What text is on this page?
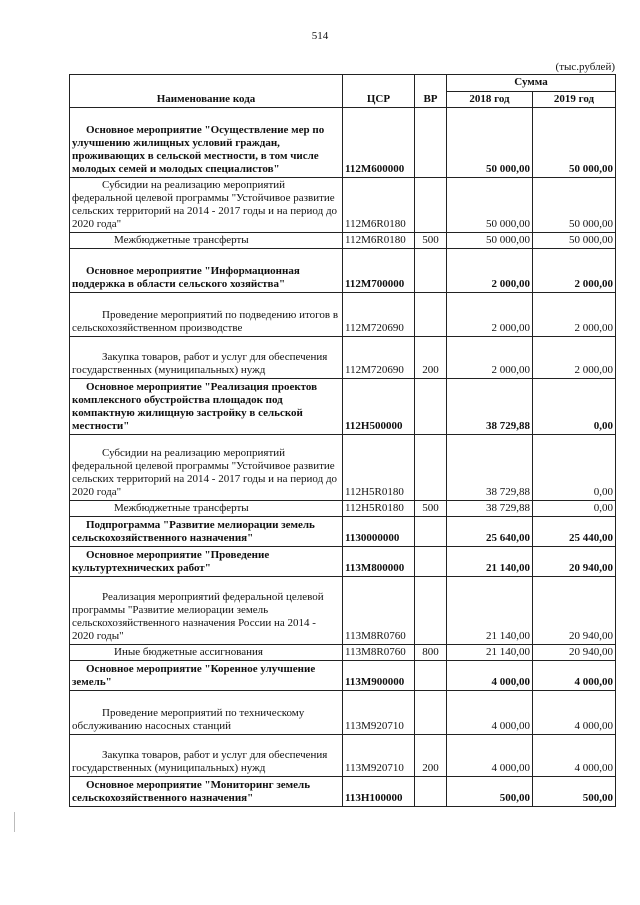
514
(тыс.рублей)
Наименование кода	ЦСР	ВР	Сумма	
			2018 год	2019 год
Основное мероприятие "Осуществление мер по улучшению жилищных условий граждан, проживающих в сельской местности, в том числе молодых семей и молодых специалистов"	112М600000		50 000,00	50 000,00
Субсидии на реализацию мероприятий федеральной целевой программы "Устойчивое развитие сельских территорий на 2014 - 2017 годы и на период до 2020 года"	112М6R0180		50 000,00	50 000,00
Межбюджетные трансферты	112М6R0180	500	50 000,00	50 000,00
Основное мероприятие "Информационная поддержка в области сельского хозяйства"	112М700000		2 000,00	2 000,00
Проведение мероприятий по подведению итогов в сельскохозяйственном производстве	112М720690		2 000,00	2 000,00
Закупка товаров, работ и услуг для обеспечения государственных (муниципальных) нужд	112М720690	200	2 000,00	2 000,00
Основное мероприятие "Реализация проектов комплексного обустройства площадок под компактную жилищную застройку в сельской местности"	112Н500000		38 729,88	0,00
Субсидии на реализацию мероприятий федеральной целевой программы "Устойчивое развитие сельских территорий на 2014 - 2017 годы и на период до 2020 года"	112Н5R0180		38 729,88	0,00
Межбюджетные трансферты	112Н5R0180	500	38 729,88	0,00
Подпрограмма "Развитие мелиорации земель сельскохозяйственного назначения"	1130000000		25 640,00	25 440,00
Основное мероприятие "Проведение культуртехнических работ"	113М800000		21 140,00	20 940,00
Реализация мероприятий федеральной целевой программы "Развитие мелиорации земель сельскохозяйственного назначения России на 2014 - 2020 годы"	113М8R0760		21 140,00	20 940,00
Иные бюджетные ассигнования	113М8R0760	800	21 140,00	20 940,00
Основное мероприятие "Коренное улучшение земель"	113М900000		4 000,00	4 000,00
Проведение мероприятий по техническому обслуживанию насосных станций	113М920710		4 000,00	4 000,00
Закупка товаров, работ и услуг для обеспечения государственных (муниципальных) нужд	113М920710	200	4 000,00	4 000,00
Основное мероприятие "Мониторинг земель сельскохозяйственного назначения"	113Н100000		500,00	500,00
